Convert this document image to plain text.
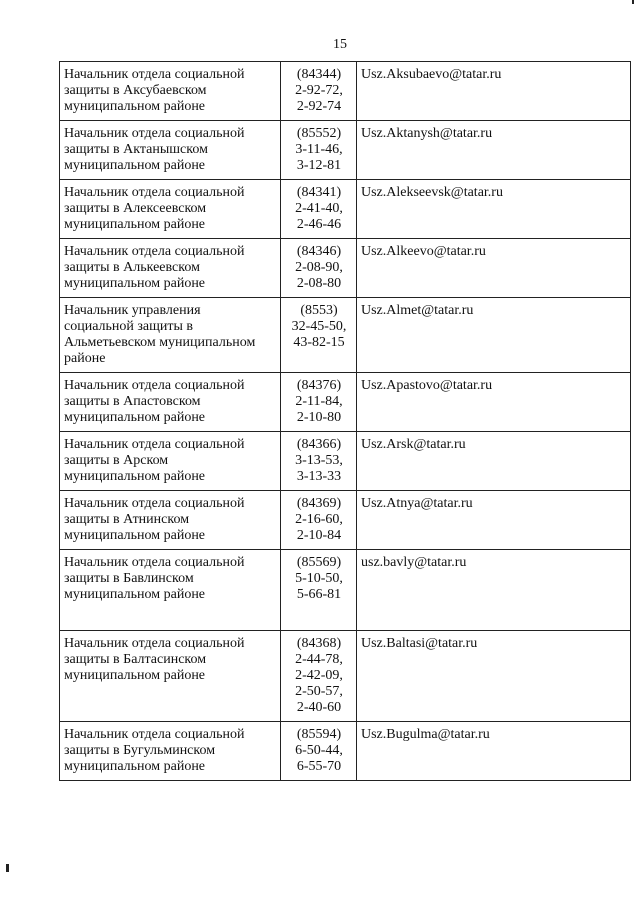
15
Начальник отдела социальной
защиты в Аксубаевском
муниципальном районе	(84344)
2-92-72,
2-92-74	Usz.Aksubaevo@tatar.ru

Начальник отдела социальной
защиты в Актанышском
муниципальном районе	(85552)
3-11-46,
3-12-81	Usz.Aktanysh@tatar.ru

Начальник отдела социальной
защиты в Алексеевском
муниципальном районе	(84341)
2-41-40,
2-46-46	Usz.Alekseevsk@tatar.ru

Начальник отдела социальной
защиты в Алькеевском
муниципальном районе	(84346)
2-08-90,
2-08-80	Usz.Alkeevo@tatar.ru

Начальник управления
социальной защиты в
Альметьевском муниципальном
районе	(8553)
32-45-50,
43-82-15	Usz.Almet@tatar.ru

Начальник отдела социальной
защиты в Апастовском
муниципальном районе	(84376)
2-11-84,
2-10-80	Usz.Apastovo@tatar.ru

Начальник отдела социальной
защиты в Арском
муниципальном районе	(84366)
3-13-53,
3-13-33	Usz.Arsk@tatar.ru

Начальник отдела социальной
защиты в Атнинском
муниципальном районе	(84369)
2-16-60,
2-10-84	Usz.Atnya@tatar.ru

Начальник отдела социальной
защиты в Бавлинском
муниципальном районе	(85569)
5-10-50,
5-66-81	usz.bavly@tatar.ru

Начальник отдела социальной
защиты в Балтасинском
муниципальном районе	(84368)
2-44-78,
2-42-09,
2-50-57,
2-40-60	Usz.Baltasi@tatar.ru

Начальник отдела социальной
защиты в Бугульминском
муниципальном районе	(85594)
6-50-44,
6-55-70	Usz.Bugulma@tatar.ru
